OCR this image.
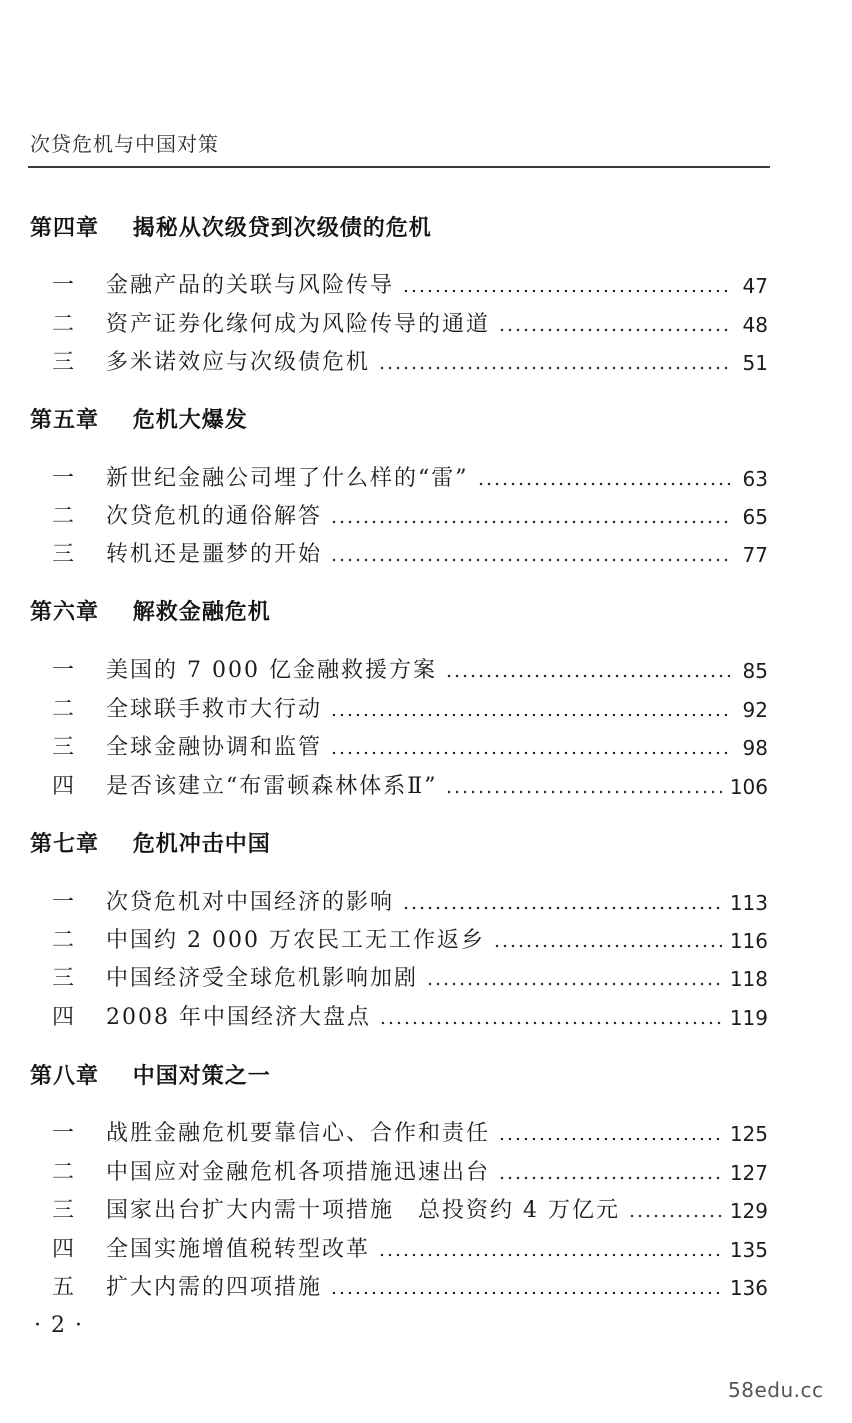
次贷危机与中国对策
第四章 揭秘从次级贷到次级债的危机
一	金融产品的关联与风险传导	47
二	资产证券化缘何成为风险传导的通道	48
三	多米诺效应与次级债危机	51
第五章 危机大爆发
一	新世纪金融公司埋了什么样的“雷”	63
二	次贷危机的通俗解答	65
三	转机还是噩梦的开始	77
第六章 解救金融危机
一	美国的 7 000 亿金融救援方案	85
二	全球联手救市大行动	92
三	全球金融协调和监管	98
四	是否该建立“布雷顿森林体系Ⅱ”	106
第七章 危机冲击中国
一	次贷危机对中国经济的影响	113
二	中国约 2 000 万农民工无工作返乡	116
三	中国经济受全球危机影响加剧	118
四	2008 年中国经济大盘点	119
第八章 中国对策之一
一	战胜金融危机要靠信心、合作和责任	125
二	中国应对金融危机各项措施迅速出台	127
三	国家出台扩大内需十项措施　总投资约 4 万亿元	129
四	全国实施增值税转型改革	135
五	扩大内需的四项措施	136
·2·
58edu.cc
